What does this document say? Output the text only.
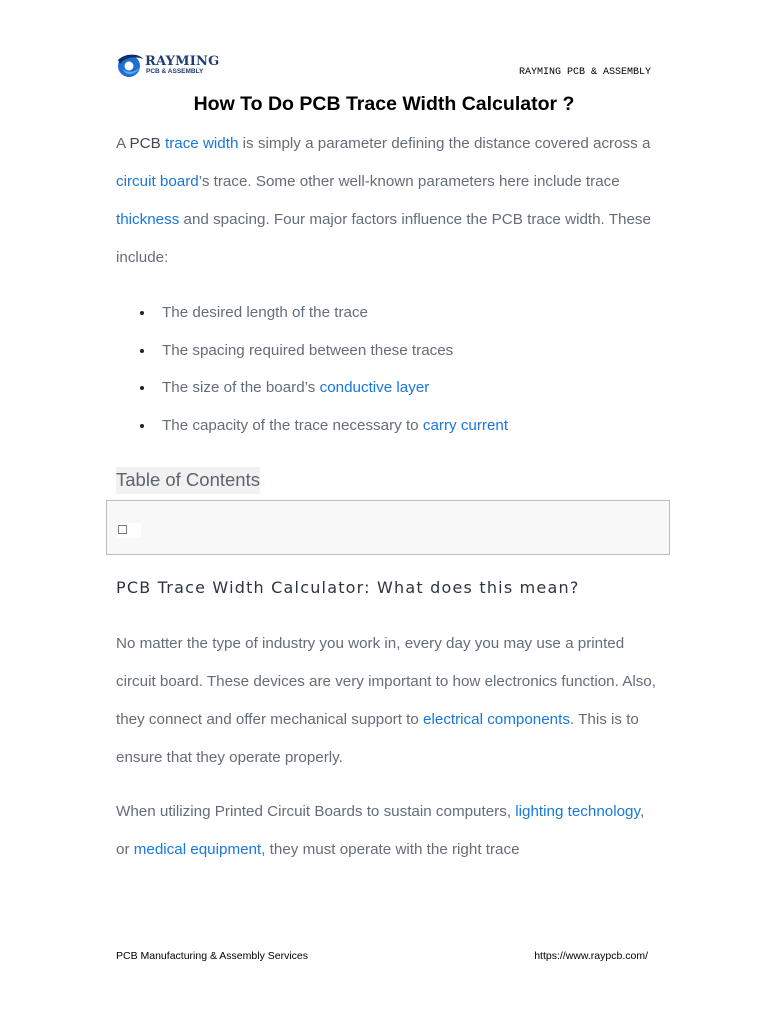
RAYMING
PCB & ASSEMBLY	RAYMING PCB & ASSEMBLY
How To Do PCB Trace Width Calculator ?

A PCB trace width is simply a parameter defining the distance covered across a circuit board’s trace. Some other well-known parameters here include trace thickness and spacing. Four major factors influence the PCB trace width. These include:

The desired length of the trace
The spacing required between these traces
The size of the board’s conductive layer
The capacity of the trace necessary to carry current
Table of Contents
PCB Trace Width Calculator: What does this mean?

No matter the type of industry you work in, every day you may use a printed circuit board. These devices are very important to how electronics function. Also, they connect and offer mechanical support to electrical components. This is to ensure that they operate properly.

When utilizing Printed Circuit Boards to sustain computers, lighting technology, or medical equipment, they must operate with the right trace

PCB Manufacturing & Assembly Services	https://www.raypcb.com/
